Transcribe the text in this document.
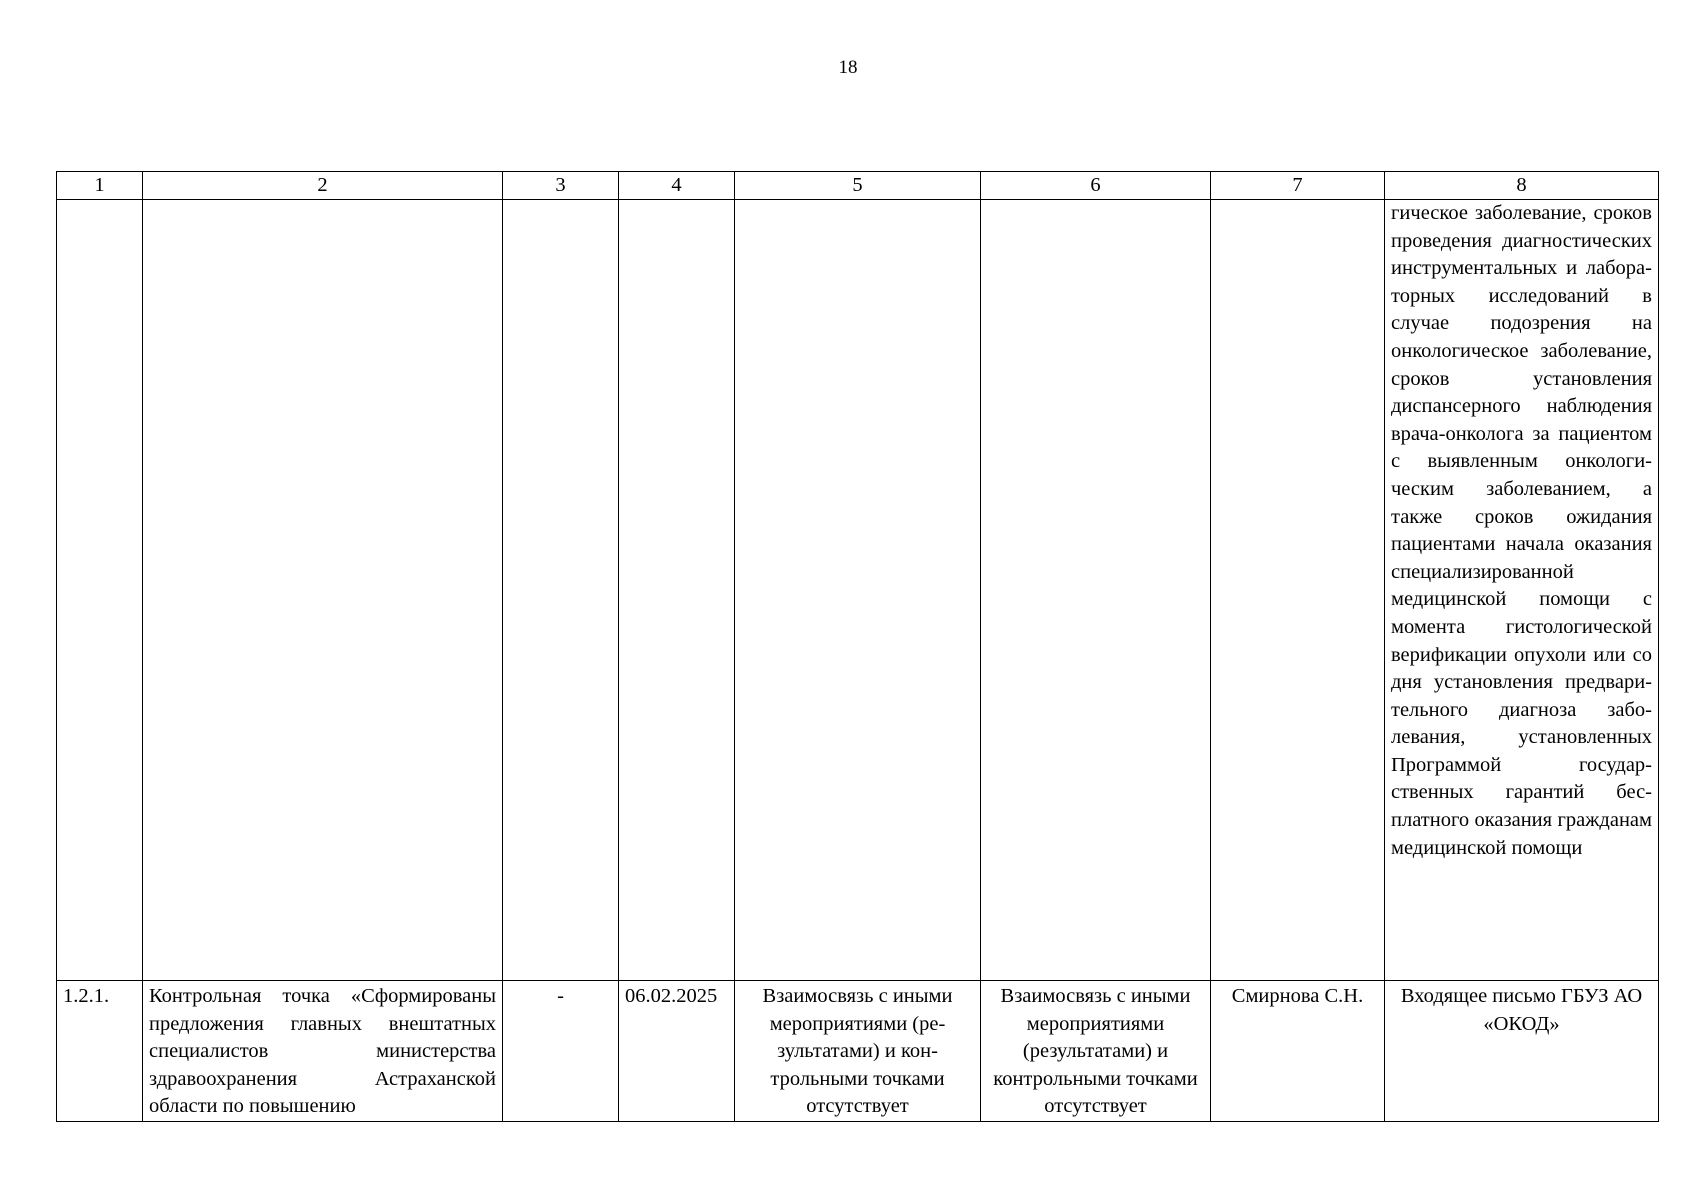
18
1	2	3	4	5	6	7	8
							гическое заболевание, сроков проведения диагностических инструментальных и лабораторных исследований в случае подозрения на онкологическое заболевание, сроков установления диспансерного наблюдения врача-онколога за пациентом с выявленным онкологическим заболеванием, а также сроков ожидания пациентами начала оказания специализированной медицинской помощи с момента гистологической верификации опухоли или со дня установления предварительного диагноза заболевания, установленных Программой государственных гарантий бесплатного оказания гражданам медицинской помощи
1.2.1.	Контрольная точка «Сформированы предложения главных внештатных специалистов министерства здравоохранения Астраханской области по повышению	-	06.02.2025	Взаимосвязь с иными мероприятиями (результатами) и контрольными точками отсутствует	Взаимосвязь с иными мероприятиями (результатами) и контрольными точками отсутствует	Смирнова С.Н.	Входящее письмо ГБУЗ АО «ОКОД»
